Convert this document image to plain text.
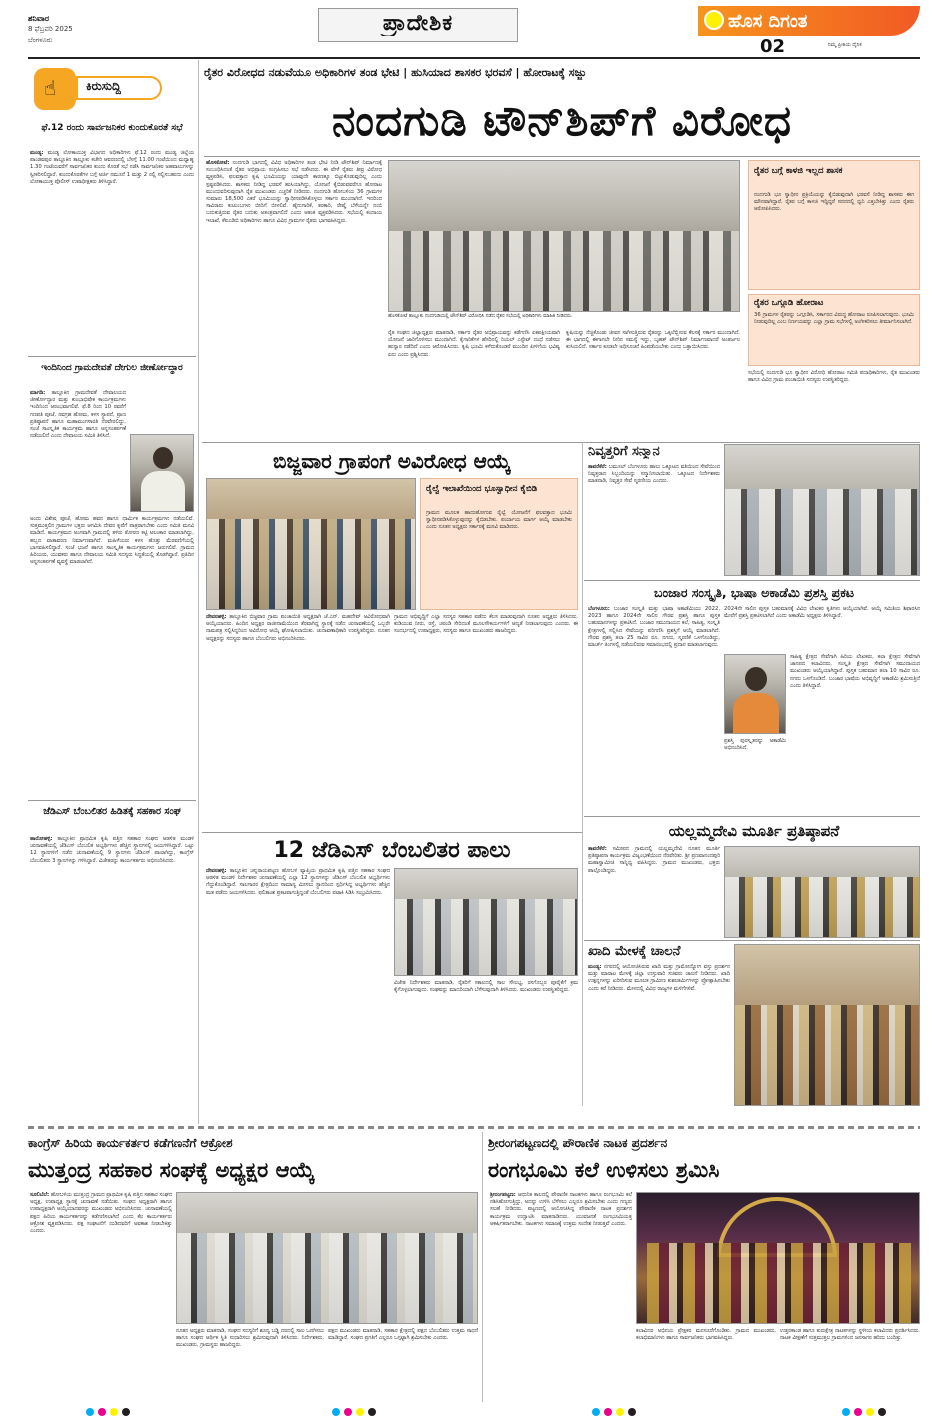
ಶನಿವಾರ
8 ಫೆಬ್ರವರಿ 2025
ಬೆಂಗಳೂರು
ಪ್ರಾದೇಶಿಕ	ಹೊಸ ದಿಗಂತ
02	ನಿಮ್ಮ ಪ್ರೀತಿಯ ದೈನಿಕ
☝ ಕಿರುಸುದ್ದಿ
ಫೆ.12 ರಂದು ಸಾರ್ವಜನಿಕರ ಕುಂದುಕೊರತೆ ಸಭೆ
ಮಂಡ್ಯ: ಮಂಡ್ಯ ಲೋಕಾಯುಕ್ತ ವಿಭಾಗದ ಅಧಿಕಾರಿಗಳು ಫೆ.12 ರಂದು ಮಂಡ್ಯ ಜಿಲ್ಲೆಯ ಪಾಂಡವಪುರ ತಾಲ್ಲೂಕಿನ ತಾಲ್ಲೂಕು ಕಚೇರಿ ಆವರಣದಲ್ಲಿ ಬೆಳಗ್ಗೆ 11.00 ಗಂಟೆಯಿಂದ ಮಧ್ಯಾಹ್ನ 1.30 ಗಂಟೆಯವರೆಗೆ ಸಾರ್ವಜನಿಕರ ಕುಂದು ಕೊರತೆ ಸಭೆ ನಡೆಸಿ ಸಾರ್ವಜನಿಕರ ಅಹವಾಲುಗಳನ್ನು ಸ್ವೀಕರಿಸಲಿದ್ದಾರೆ. ಕುಂದುಕೊರತೆಗಳ ಬಗ್ಗೆ ಅರ್ಜಿ ನಮೂನೆ 1 ಮತ್ತು 2 ರಲ್ಲಿ ಸಲ್ಲಿಸಬಹುದು ಎಂದು ಲೋಕಾಯುಕ್ತ ಪೊಲೀಸ್ ಉಪಾಧೀಕ್ಷಕರು ತಿಳಿಸಿದ್ದಾರೆ.
ಇಂದಿನಿಂದ ಗ್ರಾಮದೇವತೆ ದೇಗುಲ ಜೀರ್ಣೋದ್ಧಾರ
ಮಾಗಡಿ: ತಾಲ್ಲೂಕಿನ ಗ್ರಾಮದೇವತೆ ದೇವಾಲಯದ ಜೀರ್ಣೋದ್ಧಾರ ಮತ್ತು ಕುಂಭಾಭಿಷೇಕ ಕಾರ್ಯಕ್ರಮಗಳು ಇಂದಿನಿಂದ ಆರಂಭವಾಗಲಿವೆ. ಫೆ.8 ರಿಂದ 10 ರವರೆಗೆ ಗಣಪತಿ ಪೂಜೆ, ನವಗ್ರಹ ಹೋಮ, ಕಳಸ ಸ್ಥಾಪನೆ, ಪ್ರಾಣ ಪ್ರತಿಷ್ಠಾಪನೆ ಹಾಗೂ ಮಹಾಮಂಗಳಾರತಿ ನೆರವೇರಲಿದ್ದು, ಸಂಜೆ ಸಾಂಸ್ಕೃತಿಕ ಕಾರ್ಯಕ್ರಮ ಹಾಗೂ ಅನ್ನಸಂತರ್ಪಣೆ ನಡೆಯಲಿದೆ ಎಂದು ದೇವಾಲಯ ಸಮಿತಿ ತಿಳಿಸಿದೆ.
ಅಂದು ವಿಶೇಷ ಪೂಜೆ, ಹೋಮ ಹವನ ಹಾಗೂ ಧಾರ್ಮಿಕ ಕಾರ್ಯಕ್ರಮಗಳು ನಡೆಯಲಿವೆ. ಸುತ್ತಮುತ್ತಲಿನ ಗ್ರಾಮಗಳ ಭಕ್ತರು ಆಗಮಿಸಿ ದೇವರ ಕೃಪೆಗೆ ಪಾತ್ರರಾಗಬೇಕು ಎಂದು ಸಮಿತಿ ಮನವಿ ಮಾಡಿದೆ. ಕಾರ್ಯಕ್ರಮದ ಅಂಗವಾಗಿ ಗ್ರಾಮದಲ್ಲಿ ತಳಿರು ತೋರಣ ಕಟ್ಟಿ ಅಲಂಕಾರ ಮಾಡಲಾಗಿದ್ದು, ಹಬ್ಬದ ವಾತಾವರಣ ನಿರ್ಮಾಣವಾಗಿದೆ. ಮಹಿಳೆಯರು ಕಳಸ ಹೊತ್ತು ಮೆರವಣಿಗೆಯಲ್ಲಿ ಭಾಗವಹಿಸಲಿದ್ದಾರೆ. ಸಂಜೆ ಭಜನೆ ಹಾಗೂ ಸಾಂಸ್ಕೃತಿಕ ಕಾರ್ಯಕ್ರಮಗಳು ಜರುಗಲಿವೆ. ಗ್ರಾಮದ ಹಿರಿಯರು, ಯುವಕರು ಹಾಗೂ ದೇವಾಲಯ ಸಮಿತಿ ಸದಸ್ಯರು ಸಿದ್ಧತೆಯಲ್ಲಿ ತೊಡಗಿದ್ದಾರೆ. ಪ್ರತಿದಿನ ಅನ್ನಸಂತರ್ಪಣೆ ವ್ಯವಸ್ಥೆ ಮಾಡಲಾಗಿದೆ.
ಜೆಡಿಎಸ್ ಬೆಂಬಲಿತರ ಹಿಡಿತಕ್ಕೆ ಸಹಕಾರ ಸಂಘ
ಹಾರೋಹಳ್ಳಿ: ತಾಲ್ಲೂಕಿನ ಪ್ರಾಥಮಿಕ ಕೃಷಿ ಪತ್ತಿನ ಸಹಕಾರ ಸಂಘದ ಆಡಳಿತ ಮಂಡಳಿ ಚುನಾವಣೆಯಲ್ಲಿ ಜೆಡಿಎಸ್ ಬೆಂಬಲಿತ ಅಭ್ಯರ್ಥಿಗಳು ಹೆಚ್ಚಿನ ಸ್ಥಾನಗಳಲ್ಲಿ ಜಯಗಳಿಸಿದ್ದಾರೆ. ಒಟ್ಟು 12 ಸ್ಥಾನಗಳಿಗೆ ನಡೆದ ಚುನಾವಣೆಯಲ್ಲಿ 9 ಸ್ಥಾನಗಳು ಜೆಡಿಎಸ್ ಪಾಲಾಗಿದ್ದು, ಕಾಂಗ್ರೆಸ್ ಬೆಂಬಲಿತರು 3 ಸ್ಥಾನಗಳನ್ನು ಗಳಿಸಿದ್ದಾರೆ. ವಿಜೇತರನ್ನು ಕಾರ್ಯಕರ್ತರು ಅಭಿನಂದಿಸಿದರು.
ರೈತರ ವಿರೋಧದ ನಡುವೆಯೂ ಅಧಿಕಾರಿಗಳ ತಂಡ ಭೇಟಿ | ಹುಸಿಯಾದ ಶಾಸಕರ ಭರವಸೆ | ಹೋರಾಟಕ್ಕೆ ಸಜ್ಜು
ನಂದಗುಡಿ ಟೌನ್‌ಶಿಪ್‌ಗೆ ವಿರೋಧ
ಹೊಸಕೋಟೆ: ನಂದಗುಡಿ ಭಾಗದಲ್ಲಿ ವಿವಿಧ ಅಧಿಕಾರಿಗಳ ತಂಡ ಭೇಟಿ ನೀಡಿ ಟೌನ್‌ಶಿಪ್ ನಿರ್ಮಾಣಕ್ಕೆ ಸಂಬಂಧಿಸಿದಂತೆ ರೈತರ ಅಭಿಪ್ರಾಯ ಸಂಗ್ರಹಿಸಲು ಸಭೆ ನಡೆಸಿದರು. ಈ ವೇಳೆ ರೈತರು ತೀವ್ರ ವಿರೋಧ ವ್ಯಕ್ತಪಡಿಸಿ, ಫಲವತ್ತಾದ ಕೃಷಿ ಭೂಮಿಯನ್ನು ಯಾವುದೇ ಕಾರಣಕ್ಕೂ ಬಿಟ್ಟುಕೊಡುವುದಿಲ್ಲ ಎಂದು ಸ್ಪಷ್ಟಪಡಿಸಿದರು. ಶಾಸಕರು ನೀಡಿದ್ದ ಭರವಸೆ ಹುಸಿಯಾಗಿದ್ದು, ಯೋಜನೆ ಕೈಬಿಡುವವರೆಗೂ ಹೋರಾಟ ಮುಂದುವರಿಸುವುದಾಗಿ ರೈತ ಮುಖಂಡರು ಎಚ್ಚರಿಕೆ ನೀಡಿದರು. ನಂದಗುಡಿ ಹೋಬಳಿಯ 36 ಗ್ರಾಮಗಳ ಸುಮಾರು 18,500 ಎಕರೆ ಭೂಮಿಯನ್ನು ಸ್ವಾಧೀನಪಡಿಸಿಕೊಳ್ಳಲು ಸರ್ಕಾರ ಮುಂದಾಗಿದೆ. ಇದರಿಂದ ಸಾವಿರಾರು ಕುಟುಂಬಗಳು ಬೀದಿಗೆ ಬೀಳಲಿವೆ. ಹೈನುಗಾರಿಕೆ, ತರಕಾರಿ, ರೇಷ್ಮೆ ಬೆಳೆಯನ್ನೇ ನಂಬಿ ಬದುಕುತ್ತಿರುವ ರೈತರ ಬದುಕು ಅತಂತ್ರವಾಗಲಿದೆ ಎಂದು ಆತಂಕ ವ್ಯಕ್ತಪಡಿಸಿದರು. ಸಭೆಯಲ್ಲಿ ಕಂದಾಯ ಇಲಾಖೆ, ಕೆಐಎಡಿಬಿ ಅಧಿಕಾರಿಗಳು ಹಾಗೂ ವಿವಿಧ ಗ್ರಾಮಗಳ ರೈತರು ಭಾಗವಹಿಸಿದ್ದರು.
ಹೊಸಕೋಟೆ ತಾಲ್ಲೂಕು ನಂದಗುಡಿಯಲ್ಲಿ ಟೌನ್‌ಶಿಪ್ ವಿರೋಧಿಸಿ ನಡೆದ ರೈತರ ಸಭೆಯಲ್ಲಿ ಅಧಿಕಾರಿಗಳು ಮಾಹಿತಿ ನೀಡಿದರು.
ರೈತ ಸಂಘದ ಜಿಲ್ಲಾಧ್ಯಕ್ಷರು ಮಾತನಾಡಿ, ಸರ್ಕಾರ ರೈತರ ಅಭಿಪ್ರಾಯವನ್ನು ಕಡೆಗಣಿಸಿ ಏಕಪಕ್ಷೀಯವಾಗಿ ಯೋಜನೆ ಜಾರಿಗೊಳಿಸಲು ಮುಂದಾಗಿದೆ. ಕೈಗಾರಿಕೆಗಳ ಹೆಸರಿನಲ್ಲಿ ರಿಯಲ್ ಎಸ್ಟೇಟ್ ದಂಧೆ ನಡೆಸಲು ಹುನ್ನಾರ ನಡೆದಿದೆ ಎಂದು ಆರೋಪಿಸಿದರು. ಕೃಷಿ ಭೂಮಿ ಕಳೆದುಕೊಂಡರೆ ಮುಂದಿನ ಪೀಳಿಗೆಯ ಭವಿಷ್ಯ ಏನು ಎಂದು ಪ್ರಶ್ನಿಸಿದರು.
ಕೃಷಿಯನ್ನು ನೆಚ್ಚಿಕೊಂಡು ಜೀವನ ಸಾಗಿಸುತ್ತಿರುವ ರೈತರನ್ನು ಒಕ್ಕಲೆಬ್ಬಿಸುವ ಕೆಲಸಕ್ಕೆ ಸರ್ಕಾರ ಮುಂದಾಗಿದೆ. ಈ ಭಾಗದಲ್ಲಿ ಈಗಾಗಲೇ ನೀರಿನ ಸಮಸ್ಯೆ ಇದ್ದು, ಬೃಹತ್ ಟೌನ್‌ಶಿಪ್ ನಿರ್ಮಾಣವಾದರೆ ಅಂತರ್ಜಲ ಕುಸಿಯಲಿದೆ. ಸರ್ಕಾರ ಕೂಡಲೇ ಅಧಿಸೂಚನೆ ಹಿಂಪಡೆಯಬೇಕು ಎಂದು ಒತ್ತಾಯಿಸಿದರು.
ರೈತರ ಬಗ್ಗೆ ಕಾಳಜಿ ಇಲ್ಲದ ಶಾಸಕ
ನಂದಗುಡಿ ಭೂ ಸ್ವಾಧೀನ ಪ್ರಕ್ರಿಯೆಯನ್ನು ಕೈಬಿಡುವುದಾಗಿ ಭರವಸೆ ನೀಡಿದ್ದ ಶಾಸಕರು ಈಗ ಮೌನವಾಗಿದ್ದಾರೆ. ರೈತರ ಬಗ್ಗೆ ಕಾಳಜಿ ಇದ್ದಿದ್ದರೆ ಸದನದಲ್ಲಿ ಧ್ವನಿ ಎತ್ತಬೇಕಿತ್ತು ಎಂದು ರೈತರು ಆರೋಪಿಸಿದರು.
ರೈತರ ಒಗ್ಗೂಡಿ ಹೋರಾಟ
36 ಗ್ರಾಮಗಳ ರೈತರನ್ನು ಒಗ್ಗೂಡಿಸಿ, ಸರ್ಕಾರದ ವಿರುದ್ಧ ಹೋರಾಟ ರೂಪಿಸಲಾಗುವುದು. ಭೂಮಿ ನೀಡುವುದಿಲ್ಲ ಎಂಬ ನಿರ್ಣಯವನ್ನು ಎಲ್ಲಾ ಗ್ರಾಮ ಸಭೆಗಳಲ್ಲಿ ಅಂಗೀಕರಿಸಲು ತೀರ್ಮಾನಿಸಲಾಗಿದೆ.
ಸಭೆಯಲ್ಲಿ ನಂದಗುಡಿ ಭೂ ಸ್ವಾಧೀನ ವಿರೋಧಿ ಹೋರಾಟ ಸಮಿತಿ ಪದಾಧಿಕಾರಿಗಳು, ರೈತ ಮುಖಂಡರು ಹಾಗೂ ವಿವಿಧ ಗ್ರಾಮ ಪಂಚಾಯಿತಿ ಸದಸ್ಯರು ಉಪಸ್ಥಿತರಿದ್ದರು.
ಬಿಜ್ಜವಾರ ಗ್ರಾಪಂಗೆ ಅವಿರೋಧ ಆಯ್ಕೆ
ರೈಲ್ವೆ ಇಲಾಖೆಯಿಂದ ಭೂಸ್ವಾಧೀನ ಕೈಬಿಡಿ
ಗ್ರಾಮದ ಮೂಲಕ ಹಾದುಹೋಗುವ ರೈಲ್ವೆ ಯೋಜನೆಗೆ ಫಲವತ್ತಾದ ಭೂಮಿ ಸ್ವಾಧೀನಪಡಿಸಿಕೊಳ್ಳುವುದನ್ನು ಕೈಬಿಡಬೇಕು. ಪರ್ಯಾಯ ಮಾರ್ಗ ಆಯ್ಕೆ ಮಾಡಬೇಕು ಎಂದು ನೂತನ ಅಧ್ಯಕ್ಷರು ಸರ್ಕಾರಕ್ಕೆ ಮನವಿ ಮಾಡಿದರು.
ದೇವನಹಳ್ಳಿ: ತಾಲ್ಲೂಕಿನ ಬಿಜ್ಜವಾರ ಗ್ರಾಮ ಪಂಚಾಯಿತಿ ಅಧ್ಯಕ್ಷರಾಗಿ ಜೆ.ಎನ್. ಮಹದೇವ್ ಅವಿರೋಧವಾಗಿ ಆಯ್ಕೆಯಾದರು. ಹಿಂದಿನ ಅಧ್ಯಕ್ಷರ ರಾಜೀನಾಮೆಯಿಂದ ತೆರವಾಗಿದ್ದ ಸ್ಥಾನಕ್ಕೆ ನಡೆದ ಚುನಾವಣೆಯಲ್ಲಿ ಒಬ್ಬರೇ ನಾಮಪತ್ರ ಸಲ್ಲಿಸಿದ್ದರಿಂದ ಅವಿರೋಧ ಆಯ್ಕೆ ಘೋಷಿಸಲಾಯಿತು. ಚುನಾವಣಾಧಿಕಾರಿ ಉಪಸ್ಥಿತರಿದ್ದರು. ನೂತನ ಅಧ್ಯಕ್ಷರನ್ನು ಸದಸ್ಯರು ಹಾಗೂ ಬೆಂಬಲಿಗರು ಅಭಿನಂದಿಸಿದರು.
ಗ್ರಾಮದ ಅಭಿವೃದ್ಧಿಗೆ ಎಲ್ಲಾ ಸದಸ್ಯರ ಸಹಕಾರ ಪಡೆದು ಕೆಲಸ ಮಾಡುವುದಾಗಿ ನೂತನ ಅಧ್ಯಕ್ಷರು ತಿಳಿಸಿದರು. ಕುಡಿಯುವ ನೀರು, ರಸ್ತೆ, ಚರಂಡಿ ಸೇರಿದಂತೆ ಮೂಲಸೌಕರ್ಯಗಳಿಗೆ ಆದ್ಯತೆ ನೀಡಲಾಗುವುದು ಎಂದರು. ಈ ಸಂದರ್ಭದಲ್ಲಿ ಉಪಾಧ್ಯಕ್ಷರು, ಸದಸ್ಯರು ಹಾಗೂ ಮುಖಂಡರು ಹಾಜರಿದ್ದರು.
ನಿವೃತ್ತರಿಗೆ ಸನ್ಮಾನ
ತಾವರೆಕೆರೆ: ಬಮೂಲ್ ಬೆಂಗಳೂರು ಹಾಲು ಒಕ್ಕೂಟದ ವತಿಯಿಂದ ಸೇವೆಯಿಂದ ನಿವೃತ್ತರಾದ ಸಿಬ್ಬಂದಿಯನ್ನು ಸನ್ಮಾನಿಸಲಾಯಿತು. ಒಕ್ಕೂಟದ ನಿರ್ದೇಶಕರು ಮಾತನಾಡಿ, ನಿವೃತ್ತರ ಸೇವೆ ಸ್ಮರಣೀಯ ಎಂದರು.
ಬಂಜಾರ ಸಂಸ್ಕೃತಿ, ಭಾಷಾ ಅಕಾಡೆಮಿ ಪ್ರಶಸ್ತಿ ಪ್ರಕಟ
ಬೆಂಗಳೂರು: ಬಂಜಾರ ಸಂಸ್ಕೃತಿ ಮತ್ತು ಭಾಷಾ ಅಕಾಡೆಮಿಯು 2022, 2023 ಹಾಗೂ 2024ನೇ ಸಾಲಿನ ಗೌರವ ಪ್ರಶಸ್ತಿ ಹಾಗೂ ಪುಸ್ತಕ ಬಹುಮಾನಗಳನ್ನು ಪ್ರಕಟಿಸಿದೆ. ಬಂಜಾರ ಸಮುದಾಯದ ಕಲೆ, ಸಾಹಿತ್ಯ, ಸಂಸ್ಕೃತಿ ಕ್ಷೇತ್ರಗಳಲ್ಲಿ ಸಲ್ಲಿಸಿದ ಸೇವೆಯನ್ನು ಪರಿಗಣಿಸಿ ಪ್ರಶಸ್ತಿಗೆ ಆಯ್ಕೆ ಮಾಡಲಾಗಿದೆ. ಗೌರವ ಪ್ರಶಸ್ತಿ ತಲಾ 25 ಸಾವಿರ ರೂ. ನಗದು, ಸ್ಮರಣಿಕೆ ಒಳಗೊಂಡಿದ್ದು, ಮಾರ್ಚ್ ತಿಂಗಳಲ್ಲಿ ನಡೆಯಲಿರುವ ಸಮಾರಂಭದಲ್ಲಿ ಪ್ರದಾನ ಮಾಡಲಾಗುವುದು.
2024ನೇ ಸಾಲಿನ ಪುಸ್ತಕ ಬಹುಮಾನಕ್ಕೆ ವಿವಿಧ ಲೇಖಕರ ಕೃತಿಗಳು ಆಯ್ಕೆಯಾಗಿವೆ. ಆಯ್ಕೆ ಸಮಿತಿಯ ಶಿಫಾರಸಿನ ಮೇರೆಗೆ ಪ್ರಶಸ್ತಿ ಪ್ರಕಟಿಸಲಾಗಿದೆ ಎಂದು ಅಕಾಡೆಮಿ ಅಧ್ಯಕ್ಷರು ತಿಳಿಸಿದ್ದಾರೆ.
ಸಾಹಿತ್ಯ ಕ್ಷೇತ್ರದ ಸೇವೆಗಾಗಿ ಹಿರಿಯ ಲೇಖಕರು, ಕಲಾ ಕ್ಷೇತ್ರದ ಸೇವೆಗಾಗಿ ಜಾನಪದ ಕಲಾವಿದರು, ಸಂಸ್ಕೃತಿ ಕ್ಷೇತ್ರದ ಸೇವೆಗಾಗಿ ಸಮುದಾಯದ ಮುಖಂಡರು ಆಯ್ಕೆಯಾಗಿದ್ದಾರೆ. ಪುಸ್ತಕ ಬಹುಮಾನ ತಲಾ 10 ಸಾವಿರ ರೂ. ನಗದು ಒಳಗೊಂಡಿದೆ. ಬಂಜಾರ ಭಾಷೆಯ ಅಭಿವೃದ್ಧಿಗೆ ಅಕಾಡೆಮಿ ಶ್ರಮಿಸುತ್ತಿದೆ ಎಂದು ತಿಳಿಸಿದ್ದಾರೆ.
ಪ್ರಶಸ್ತಿ ಪುರಸ್ಕೃತರನ್ನು ಅಕಾಡೆಮಿ ಅಭಿನಂದಿಸಿದೆ.
ಯಲ್ಲಮ್ಮದೇವಿ ಮೂರ್ತಿ ಪ್ರತಿಷ್ಠಾಪನೆ
ತಾವರೆಕೆರೆ: ಸಮೀಪದ ಗ್ರಾಮದಲ್ಲಿ ಯಲ್ಲಮ್ಮದೇವಿ ನೂತನ ಮೂರ್ತಿ ಪ್ರತಿಷ್ಠಾಪನಾ ಕಾರ್ಯಕ್ರಮ ವಿಜೃಂಭಣೆಯಿಂದ ನೆರವೇರಿತು. ಶ್ರೀ ಪ್ರಣವಾನಂದಪುರಿ ಮಹಾಸ್ವಾಮೀಜಿ ಸಾನ್ನಿಧ್ಯ ವಹಿಸಿದ್ದರು. ಗ್ರಾಮದ ಮುಖಂಡರು, ಭಕ್ತರು ಪಾಲ್ಗೊಂಡಿದ್ದರು.
ಖಾದಿ ಮೇಳಕ್ಕೆ ಚಾಲನೆ
ಮಂಡ್ಯ: ನಗರದಲ್ಲಿ ಆಯೋಜಿಸಿರುವ ಖಾದಿ ಮತ್ತು ಗ್ರಾಮೋದ್ಯೋಗ ವಸ್ತು ಪ್ರದರ್ಶನ ಮತ್ತು ಮಾರಾಟ ಮೇಳಕ್ಕೆ ಜಿಲ್ಲಾ ಉಸ್ತುವಾರಿ ಸಚಿವರು ಚಾಲನೆ ನೀಡಿದರು. ಖಾದಿ ಉತ್ಪನ್ನಗಳನ್ನು ಖರೀದಿಸುವ ಮೂಲಕ ಗ್ರಾಮೀಣ ಕುಶಲಕರ್ಮಿಗಳನ್ನು ಪ್ರೋತ್ಸಾಹಿಸಬೇಕು ಎಂದು ಕರೆ ನೀಡಿದರು. ಮೇಳದಲ್ಲಿ ವಿವಿಧ ರಾಜ್ಯಗಳ ಮಳಿಗೆಗಳಿವೆ.
12 ಜೆಡಿಎಸ್ ಬೆಂಬಲಿತರ ಪಾಲು
ದೇವನಹಳ್ಳಿ: ತಾಲ್ಲೂಕಿನ ಚನ್ನರಾಯಪಟ್ಟಣ ಹೋಬಳಿ ವ್ಯಾಪ್ತಿಯ ಪ್ರಾಥಮಿಕ ಕೃಷಿ ಪತ್ತಿನ ಸಹಕಾರ ಸಂಘದ ಆಡಳಿತ ಮಂಡಳಿ ನಿರ್ದೇಶಕರ ಚುನಾವಣೆಯಲ್ಲಿ ಎಲ್ಲಾ 12 ಸ್ಥಾನಗಳನ್ನು ಜೆಡಿಎಸ್ ಬೆಂಬಲಿತ ಅಭ್ಯರ್ಥಿಗಳು ಗೆದ್ದುಕೊಂಡಿದ್ದಾರೆ. ಸಾಲಗಾರರ ಕ್ಷೇತ್ರದಿಂದ ಸಾಮಾನ್ಯ ಮೀಸಲು ಸ್ಥಾನದಿಂದ ಸ್ಪರ್ಧಿಸಿದ್ದ ಅಭ್ಯರ್ಥಿಗಳು ಹೆಚ್ಚಿನ ಮತ ಪಡೆದು ಜಯಗಳಿಸಿದರು. ಫಲಿತಾಂಶ ಪ್ರಕಟವಾಗುತ್ತಿದ್ದಂತೆ ಬೆಂಬಲಿಗರು ಪಟಾಕಿ ಸಿಡಿಸಿ ಸಂಭ್ರಮಿಸಿದರು.
ವಿಜೇತ ನಿರ್ದೇಶಕರು ಮಾತನಾಡಿ, ರೈತರಿಗೆ ಸಕಾಲದಲ್ಲಿ ಸಾಲ ಸೌಲಭ್ಯ, ರಸಗೊಬ್ಬರ ಪೂರೈಕೆಗೆ ಕ್ರಮ ಕೈಗೊಳ್ಳಲಾಗುವುದು. ಸಂಘವನ್ನು ಮಾದರಿಯಾಗಿ ಬೆಳೆಸುವುದಾಗಿ ತಿಳಿಸಿದರು. ಮುಖಂಡರು ಉಪಸ್ಥಿತರಿದ್ದರು.
ಕಾಂಗ್ರೆಸ್ ಹಿರಿಯ ಕಾರ್ಯಕರ್ತರ ಕಡೆಗಣನೆಗೆ ಆಕ್ರೋಶ
ಮುತ್ತಂದ್ರ ಸಹಕಾರ ಸಂಘಕ್ಕೆ ಅಧ್ಯಕ್ಷರ ಆಯ್ಕೆ
ಸೂಲಿಬೆಲೆ: ಹೋಬಳಿಯ ಮುತ್ತಂದ್ರ ಗ್ರಾಮದ ಪ್ರಾಥಮಿಕ ಕೃಷಿ ಪತ್ತಿನ ಸಹಕಾರ ಸಂಘದ ಅಧ್ಯಕ್ಷ, ಉಪಾಧ್ಯಕ್ಷ ಸ್ಥಾನಕ್ಕೆ ಚುನಾವಣೆ ನಡೆಯಿತು. ಸಂಘದ ಅಧ್ಯಕ್ಷರಾಗಿ ಹಾಗೂ ಉಪಾಧ್ಯಕ್ಷರಾಗಿ ಆಯ್ಕೆಯಾದವರನ್ನು ಮುಖಂಡರು ಅಭಿನಂದಿಸಿದರು. ಚುನಾವಣೆಯಲ್ಲಿ ಪಕ್ಷದ ಹಿರಿಯ ಕಾರ್ಯಕರ್ತರನ್ನು ಕಡೆಗಣಿಸಲಾಗಿದೆ ಎಂದು ಕೆಲ ಕಾರ್ಯಕರ್ತರು ಆಕ್ರೋಶ ವ್ಯಕ್ತಪಡಿಸಿದರು. ಪಕ್ಷ ಸಂಘಟನೆಗೆ ದುಡಿದವರಿಗೆ ಅವಕಾಶ ನೀಡಬೇಕಿತ್ತು ಎಂದರು.
ನೂತನ ಅಧ್ಯಕ್ಷರು ಮಾತನಾಡಿ, ಸಂಘದ ಸದಸ್ಯರಿಗೆ ಶೂನ್ಯ ಬಡ್ಡಿ ದರದಲ್ಲಿ ಸಾಲ ಒದಗಿಸಲು ಹಾಗೂ ಸಂಘದ ಆರ್ಥಿಕ ಸ್ಥಿತಿ ಸುಧಾರಿಸಲು ಶ್ರಮಿಸುವುದಾಗಿ ತಿಳಿಸಿದರು. ನಿರ್ದೇಶಕರು, ಮುಖಂಡರು, ಗ್ರಾಮಸ್ಥರು ಹಾಜರಿದ್ದರು.
ಪಕ್ಷದ ಮುಖಂಡರು ಮಾತನಾಡಿ, ಸಹಕಾರ ಕ್ಷೇತ್ರದಲ್ಲಿ ಪಕ್ಷದ ಬೆಂಬಲಿತರು ಉತ್ತಮ ಸಾಧನೆ ಮಾಡಿದ್ದಾರೆ. ಸಂಘದ ಪ್ರಗತಿಗೆ ಎಲ್ಲರೂ ಒಗ್ಗಟ್ಟಾಗಿ ಶ್ರಮಿಸಬೇಕು ಎಂದರು.
ಶ್ರೀರಂಗಪಟ್ಟಣದಲ್ಲಿ ಪೌರಾಣಿಕ ನಾಟಕ ಪ್ರದರ್ಶನ
ರಂಗಭೂಮಿ ಕಲೆ ಉಳಿಸಲು ಶ್ರಮಿಸಿ
ಶ್ರೀರಂಗಪಟ್ಟಣ: ಆಧುನಿಕ ಕಾಲದಲ್ಲಿ ಪೌರಾಣಿಕ ನಾಟಕಗಳು ಹಾಗೂ ರಂಗಭೂಮಿ ಕಲೆ ನಶಿಸಿಹೋಗುತ್ತಿದ್ದು, ಅದನ್ನು ಉಳಿಸಿ ಬೆಳೆಸಲು ಎಲ್ಲರೂ ಶ್ರಮಿಸಬೇಕು ಎಂದು ಗಣ್ಯರು ಸಲಹೆ ನೀಡಿದರು. ಪಟ್ಟಣದಲ್ಲಿ ಆಯೋಜಿಸಿದ್ದ ಪೌರಾಣಿಕ ನಾಟಕ ಪ್ರದರ್ಶನ ಕಾರ್ಯಕ್ರಮ ಉದ್ಘಾಟಿಸಿ ಮಾತನಾಡಿದರು. ಯುವಜನತೆ ರಂಗಭೂಮಿಯತ್ತ ಆಕರ್ಷಿತರಾಗಬೇಕು. ನಾಟಕಗಳು ಸಮಾಜಕ್ಕೆ ಉತ್ತಮ ಸಂದೇಶ ನೀಡುತ್ತವೆ ಎಂದರು.
ಕಲಾವಿದರ ಅಭಿನಯ ಪ್ರೇಕ್ಷಕರ ಮನಸೂರೆಗೊಂಡಿತು. ಗ್ರಾಮದ ಮುಖಂಡರು, ಕಲಾಭಿಮಾನಿಗಳು ಹಾಗೂ ಸಾರ್ವಜನಿಕರು ಭಾಗವಹಿಸಿದ್ದರು.
ಉತ್ತರಕಾಂಡ ಹಾಗೂ ಕುರುಕ್ಷೇತ್ರ ನಾಟಕಗಳನ್ನು ಸ್ಥಳೀಯ ಕಲಾವಿದರು ಪ್ರದರ್ಶಿಸಿದರು. ನಾಟಕ ವೀಕ್ಷಣೆಗೆ ಸುತ್ತಮುತ್ತಲ ಗ್ರಾಮಗಳಿಂದ ಜನಸಾಗರ ಹರಿದು ಬಂದಿತ್ತು.
